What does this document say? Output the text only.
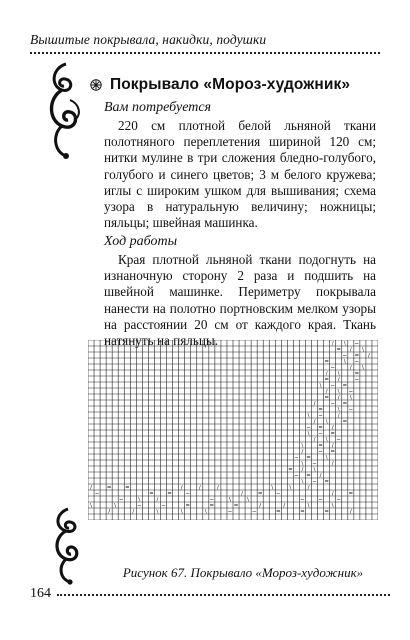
Вышитые покрывала, накидки, подушки
Покрывало «Мороз-художник»
Вам потребуется

220 см плотной белой льняной ткани полотняного переплетения шириной 120 см; нитки мулине в три сложения бледно-голубого, голубого и синего цветов; 3 м белого кружева; иглы с широким ушком для вышивания; схема узора в натуральную величину; ножницы; пяльцы; швейная машинка.

Ход работы

Края плотной льняной ткани подогнуть на изнаночную сторону 2 раза и подшить на швейной машинке. Периметру покрывала нанести на полотно портновским мелком узоры на расстоянии 20 см от каждого края. Ткань натянуть на пяльцы.	/ \ −
= / \
− = /
\ −
=
/ \
−
=
/ \
−
= /
\ − =
/ \ −
= / \
− =
/
\ −
=
/
\ −
=
/ \
− = /
\ − =
/ \ −
= /
\
− =
/
\
− =
/
\ −
= / \
− = /
\ − =
/
\
−
=
/
\
−
=
/
\
−
=
/
\
−
=
/
\
−
=
/
\
−
=
/
\
−
=
/
\
−
=
/
\
−
=
/
\
−
=
/
\
−
=
/
\
−
=
/
Рисунок 67. Покрывало «Мороз-художник»
164
